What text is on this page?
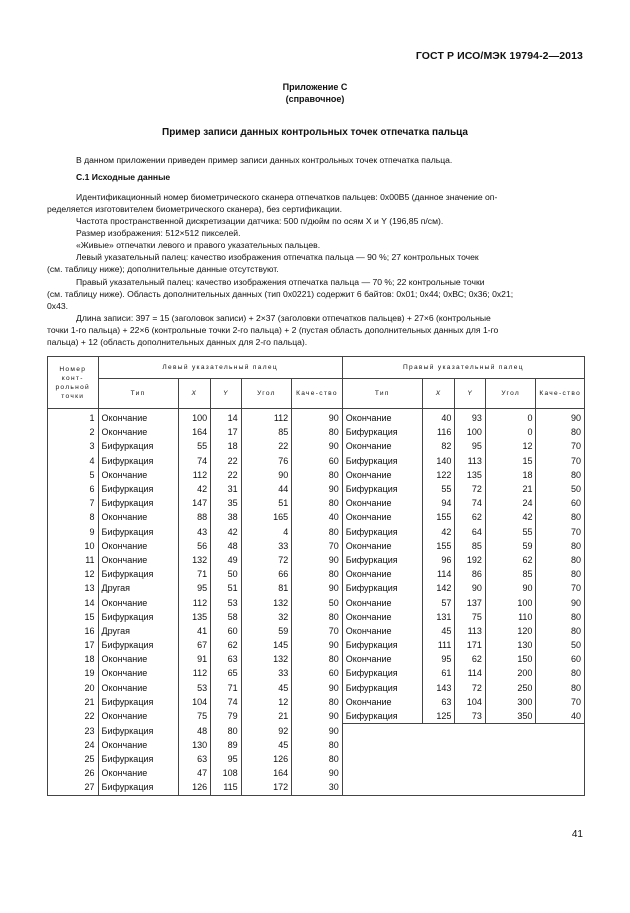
ГОСТ Р ИСО/МЭК 19794-2—2013
Приложение С
(справочное)
Пример записи данных контрольных точек отпечатка пальца
В данном приложении приведен пример записи данных контрольных точек отпечатка пальца.
С.1 Исходные данные
Идентификационный номер биометрического сканера отпечатков пальцев: 0х00В5 (данное значение оп-
ределяется изготовителем биометрического сканера), без сертификации.
Частота пространственной дискретизации датчика: 500 п/дюйм по осям X и Y (196,85 п/см).
Размер изображения: 512×512 пикселей.
«Живые» отпечатки левого и правого указательных пальцев.
Левый указательный палец: качество изображения отпечатка пальца — 90 %; 27 контрольных точек
(см. таблицу ниже); дополнительные данные отсутствуют.
Правый указательный палец: качество изображения отпечатка пальца — 70 %; 22 контрольные точки
(см. таблицу ниже). Область дополнительных данных (тип 0х0221) содержит 6 байтов: 0х01; 0х44; 0хВС; 0х36; 0х21;
0х43.
Длина записи: 397 = 15 (заголовок записи) + 2×37 (заголовки отпечатков пальцев) + 27×6 (контрольные
точки 1-го пальца) + 22×6 (контрольные точки 2-го пальца) + 2 (пустая область дополнительных данных для 1-го
пальца) + 12 (область дополнительных данных для 2-го пальца).
Номер конт-рольной точки	Левый указательный палец					Правый указательный палец				
	Тип	X	Y	Угол	Каче-ство	Тип	X	Y	Угол	Каче-ство
1	Окончание	100	14	112	90	Окончание	40	93	0	90
2	Окончание	164	17	85	80	Бифуркация	116	100	0	80
3	Бифуркация	55	18	22	90	Окончание	82	95	12	70
4	Бифуркация	74	22	76	60	Бифуркация	140	113	15	70
5	Окончание	112	22	90	80	Окончание	122	135	18	80
6	Бифуркация	42	31	44	90	Бифуркация	55	72	21	50
7	Бифуркация	147	35	51	80	Окончание	94	74	24	60
8	Окончание	88	38	165	40	Окончание	155	62	42	80
9	Бифуркация	43	42	4	80	Бифуркация	42	64	55	70
10	Окончание	56	48	33	70	Окончание	155	85	59	80
11	Окончание	132	49	72	90	Бифуркация	96	192	62	80
12	Бифуркация	71	50	66	80	Окончание	114	86	85	80
13	Другая	95	51	81	90	Бифуркация	142	90	90	70
14	Окончание	112	53	132	50	Окончание	57	137	100	90
15	Бифуркация	135	58	32	80	Окончание	131	75	110	80
16	Другая	41	60	59	70	Окончание	45	113	120	80
17	Бифуркация	67	62	145	90	Бифуркация	111	171	130	50
18	Окончание	91	63	132	80	Окончание	95	62	150	60
19	Окончание	112	65	33	60	Бифуркация	61	114	200	80
20	Окончание	53	71	45	90	Бифуркация	143	72	250	80
21	Бифуркация	104	74	12	80	Окончание	63	104	300	70
22	Окончание	75	79	21	90	Бифуркация	125	73	350	40
23	Бифуркация	48	80	92	90					
24	Окончание	130	89	45	80					
25	Бифуркация	63	95	126	80					
26	Окончание	47	108	164	90					
27	Бифуркация	126	115	172	30					
41
